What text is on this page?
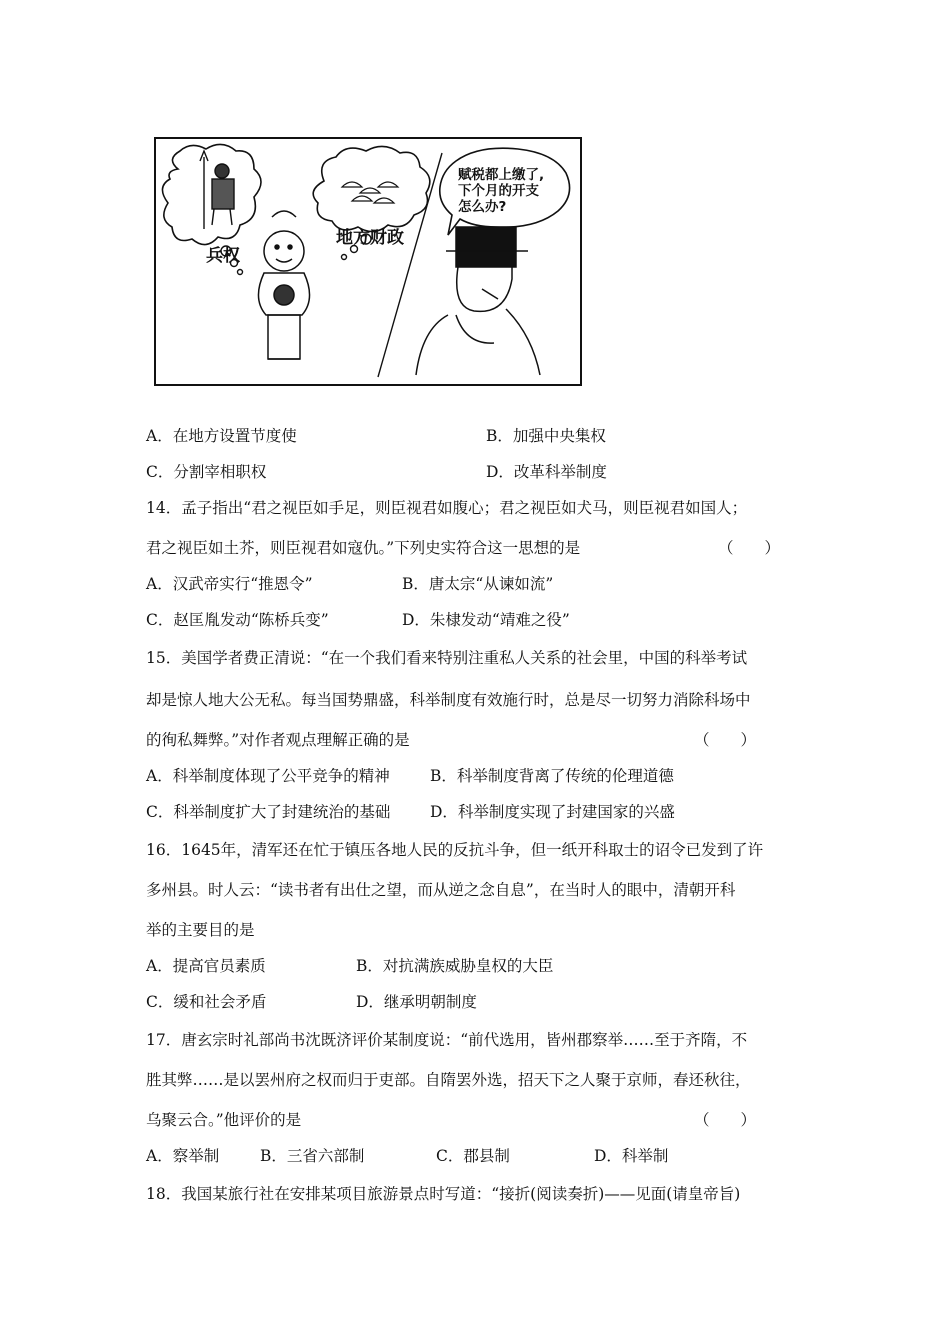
兵权
地方财政
赋税都上缴了,
下个月的开支
怎么办?
A．在地方设置节度使	B．加强中央集权
C．分割宰相职权	D．改革科举制度
14．孟子指出“君之视臣如手足，则臣视君如腹心；君之视臣如犬马，则臣视君如国人；
君之视臣如土芥，则臣视君如寇仇。”下列史实符合这一思想的是	（　　）
A．汉武帝实行“推恩令”	B．唐太宗“从谏如流”
C．赵匡胤发动“陈桥兵变”	D．朱棣发动“靖难之役”
15．美国学者费正清说：“在一个我们看来特别注重私人关系的社会里，中国的科举考试
却是惊人地大公无私。每当国势鼎盛，科举制度有效施行时，总是尽一切努力消除科场中
的徇私舞弊。”对作者观点理解正确的是	（　　）
A．科举制度体现了公平竞争的精神	B．科举制度背离了传统的伦理道德
C．科举制度扩大了封建统治的基础	D．科举制度实现了封建国家的兴盛
16．1645年，清军还在忙于镇压各地人民的反抗斗争，但一纸开科取士的诏令已发到了许
多州县。时人云：“读书者有出仕之望，而从逆之念自息”，在当时人的眼中，清朝开科
举的主要目的是
A．提高官员素质	B．对抗满族威胁皇权的大臣
C．缓和社会矛盾	D．继承明朝制度
17．唐玄宗时礼部尚书沈既济评价某制度说：“前代选用，皆州郡察举……至于齐隋，不
胜其弊……是以罢州府之权而归于吏部。自隋罢外选，招天下之人聚于京师，春还秋往，
乌聚云合。”他评价的是	（　　）
A．察举制	B．三省六部制	C．郡县制	D．科举制
18．我国某旅行社在安排某项目旅游景点时写道：“接折(阅读奏折)——见面(请皇帝旨)
